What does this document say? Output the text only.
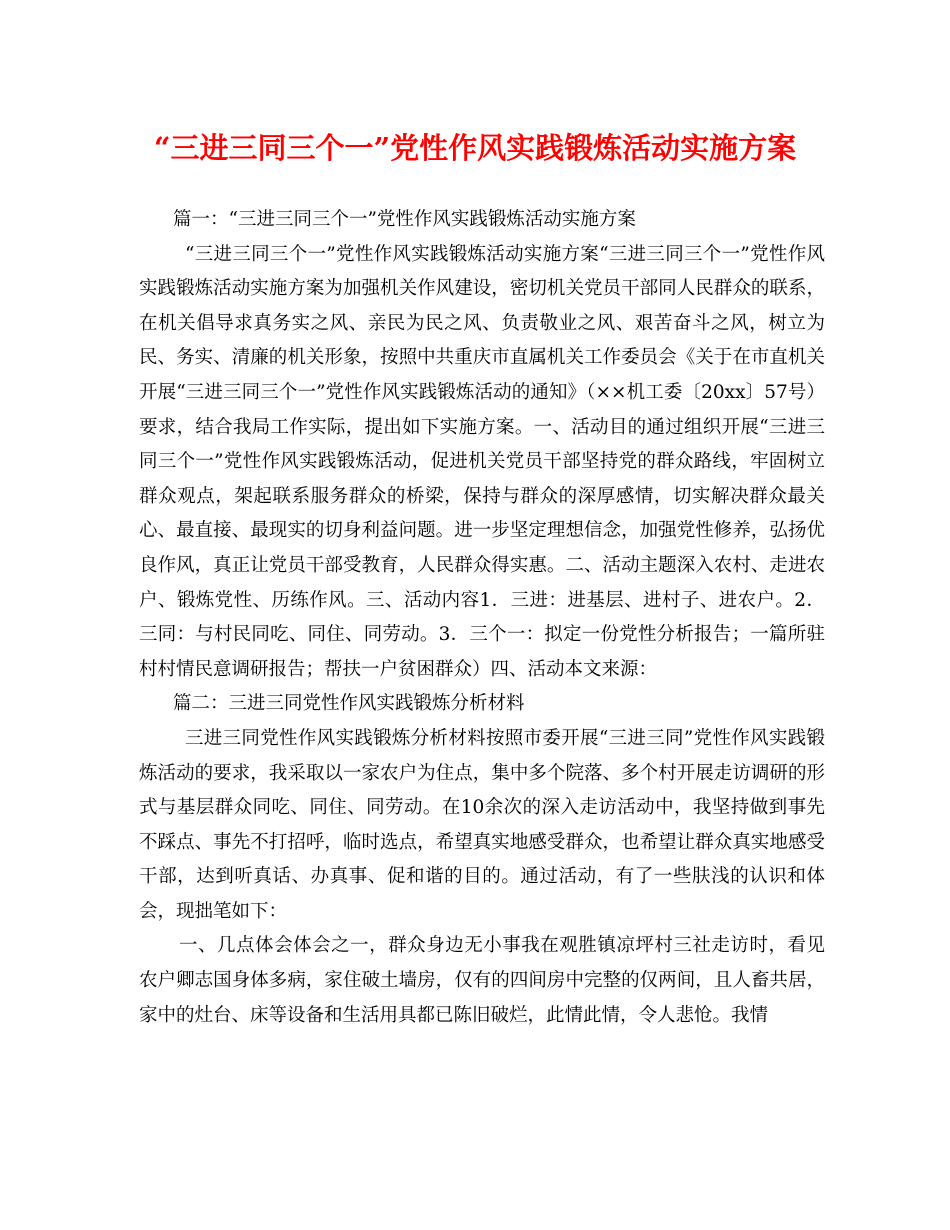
“三进三同三个一”党性作风实践锻炼活动实施方案

篇一：“三进三同三个一”党性作风实践锻炼活动实施方案

“三进三同三个一”党性作风实践锻炼活动实施方案“三进三同三个一”党性作风实践锻炼活动实施方案为加强机关作风建设，密切机关党员干部同人民群众的联系，在机关倡导求真务实之风、亲民为民之风、负责敬业之风、艰苦奋斗之风，树立为民、务实、清廉的机关形象，按照中共重庆市直属机关工作委员会《关于在市直机关开展“三进三同三个一”党性作风实践锻炼活动的通知》（××机工委〔20xx〕57号）要求，结合我局工作实际，提出如下实施方案。一、活动目的通过组织开展“三进三同三个一”党性作风实践锻炼活动，促进机关党员干部坚持党的群众路线，牢固树立群众观点，架起联系服务群众的桥梁，保持与群众的深厚感情，切实解决群众最关心、最直接、最现实的切身利益问题。进一步坚定理想信念，加强党性修养，弘扬优良作风，真正让党员干部受教育，人民群众得实惠。二、活动主题深入农村、走进农户、锻炼党性、历练作风。三、活动内容1．三进：进基层、进村子、进农户。2．三同：与村民同吃、同住、同劳动。3．三个一：拟定一份党性分析报告；一篇所驻村村情民意调研报告；帮扶一户贫困群众）四、活动本文来源：

篇二：三进三同党性作风实践锻炼分析材料

三进三同党性作风实践锻炼分析材料按照市委开展“三进三同”党性作风实践锻炼活动的要求，我采取以一家农户为住点，集中多个院落、多个村开展走访调研的形式与基层群众同吃、同住、同劳动。在10余次的深入走访活动中，我坚持做到事先不踩点、事先不打招呼，临时选点，希望真实地感受群众，也希望让群众真实地感受干部，达到听真话、办真事、促和谐的目的。通过活动，有了一些肤浅的认识和体会，现拙笔如下：

一、几点体会体会之一，群众身边无小事我在观胜镇凉坪村三社走访时，看见农户卿志国身体多病，家住破土墙房，仅有的四间房中完整的仅两间，且人畜共居，家中的灶台、床等设备和生活用具都已陈旧破烂，此情此情，令人悲怆。我情
